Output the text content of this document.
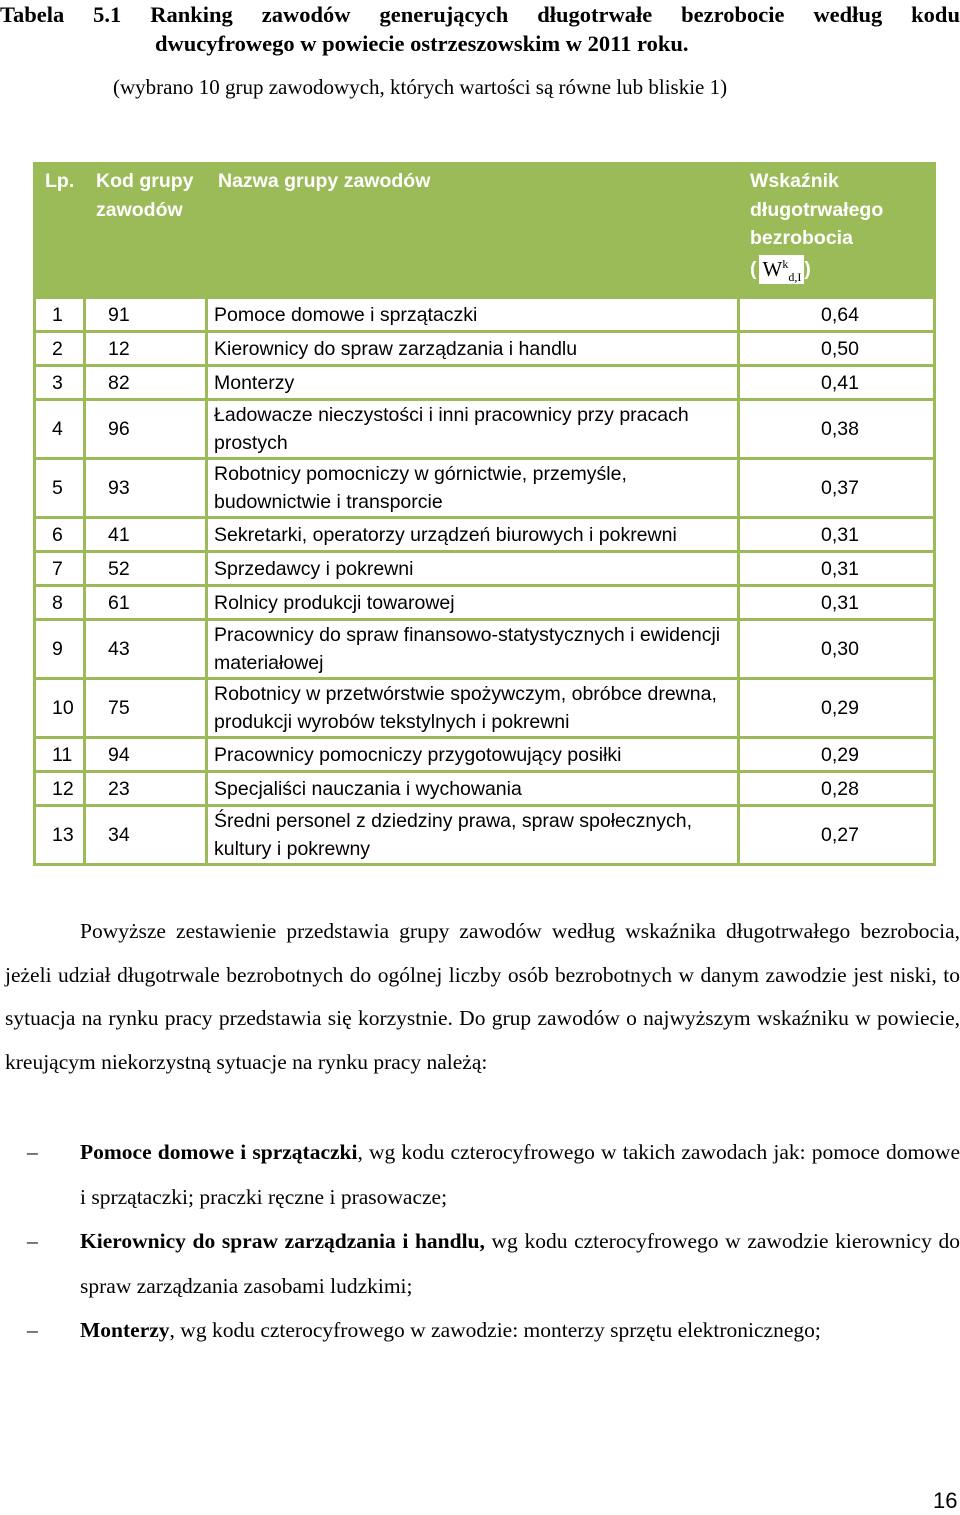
Tabela 5.1 Ranking zawodów generujących długotrwałe bezrobocie według kodu
dwucyfrowego w powiecie ostrzeszowskim w 2011 roku.
(wybrano 10 grup zawodowych, których wartości są równe lub bliskie 1)
Lp.	Kod grupy zawodów	Nazwa grupy zawodów	Wskaźnik długotrwałego bezrobocia
( $W^k_{d,I}$ )

1	91	Pomoce domowe i sprzątaczki	0,64
2	12	Kierownicy do spraw zarządzania i handlu	0,50
3	82	Monterzy	0,41
4	96	Ładowacze nieczystości i inni pracownicy przy pracach prostych	0,38
5	93	Robotnicy pomocniczy w górnictwie, przemyśle, budownictwie i transporcie	0,37
6	41	Sekretarki, operatorzy urządzeń biurowych i pokrewni	0,31
7	52	Sprzedawcy i pokrewni	0,31
8	61	Rolnicy produkcji towarowej	0,31
9	43	Pracownicy do spraw finansowo-statystycznych i ewidencji materiałowej	0,30
10	75	Robotnicy w przetwórstwie spożywczym, obróbce drewna, produkcji wyrobów tekstylnych i pokrewni	0,29
11	94	Pracownicy pomocniczy przygotowujący posiłki	0,29
12	23	Specjaliści nauczania i wychowania	0,28
13	34	Średni personel z dziedziny prawa, spraw społecznych, kultury i pokrewny	0,27

Powyższe zestawienie przedstawia grupy zawodów według wskaźnika długotrwałego bezrobocia, jeżeli udział długotrwale bezrobotnych do ogólnej liczby osób bezrobotnych w danym zawodzie jest niski, to sytuacja na rynku pracy przedstawia się korzystnie. Do grup zawodów o najwyższym wskaźniku w powiecie, kreującym niekorzystną sytuacje na rynku pracy należą:

– Pomoce domowe i sprzątaczki, wg kodu czterocyfrowego w takich zawodach jak: pomoce domowe i sprzątaczki; praczki ręczne i prasowacze;
– Kierownicy do spraw zarządzania i handlu, wg kodu czterocyfrowego w zawodzie kierownicy do spraw zarządzania zasobami ludzkimi;
– Monterzy, wg kodu czterocyfrowego w zawodzie: monterzy sprzętu elektronicznego;
16
